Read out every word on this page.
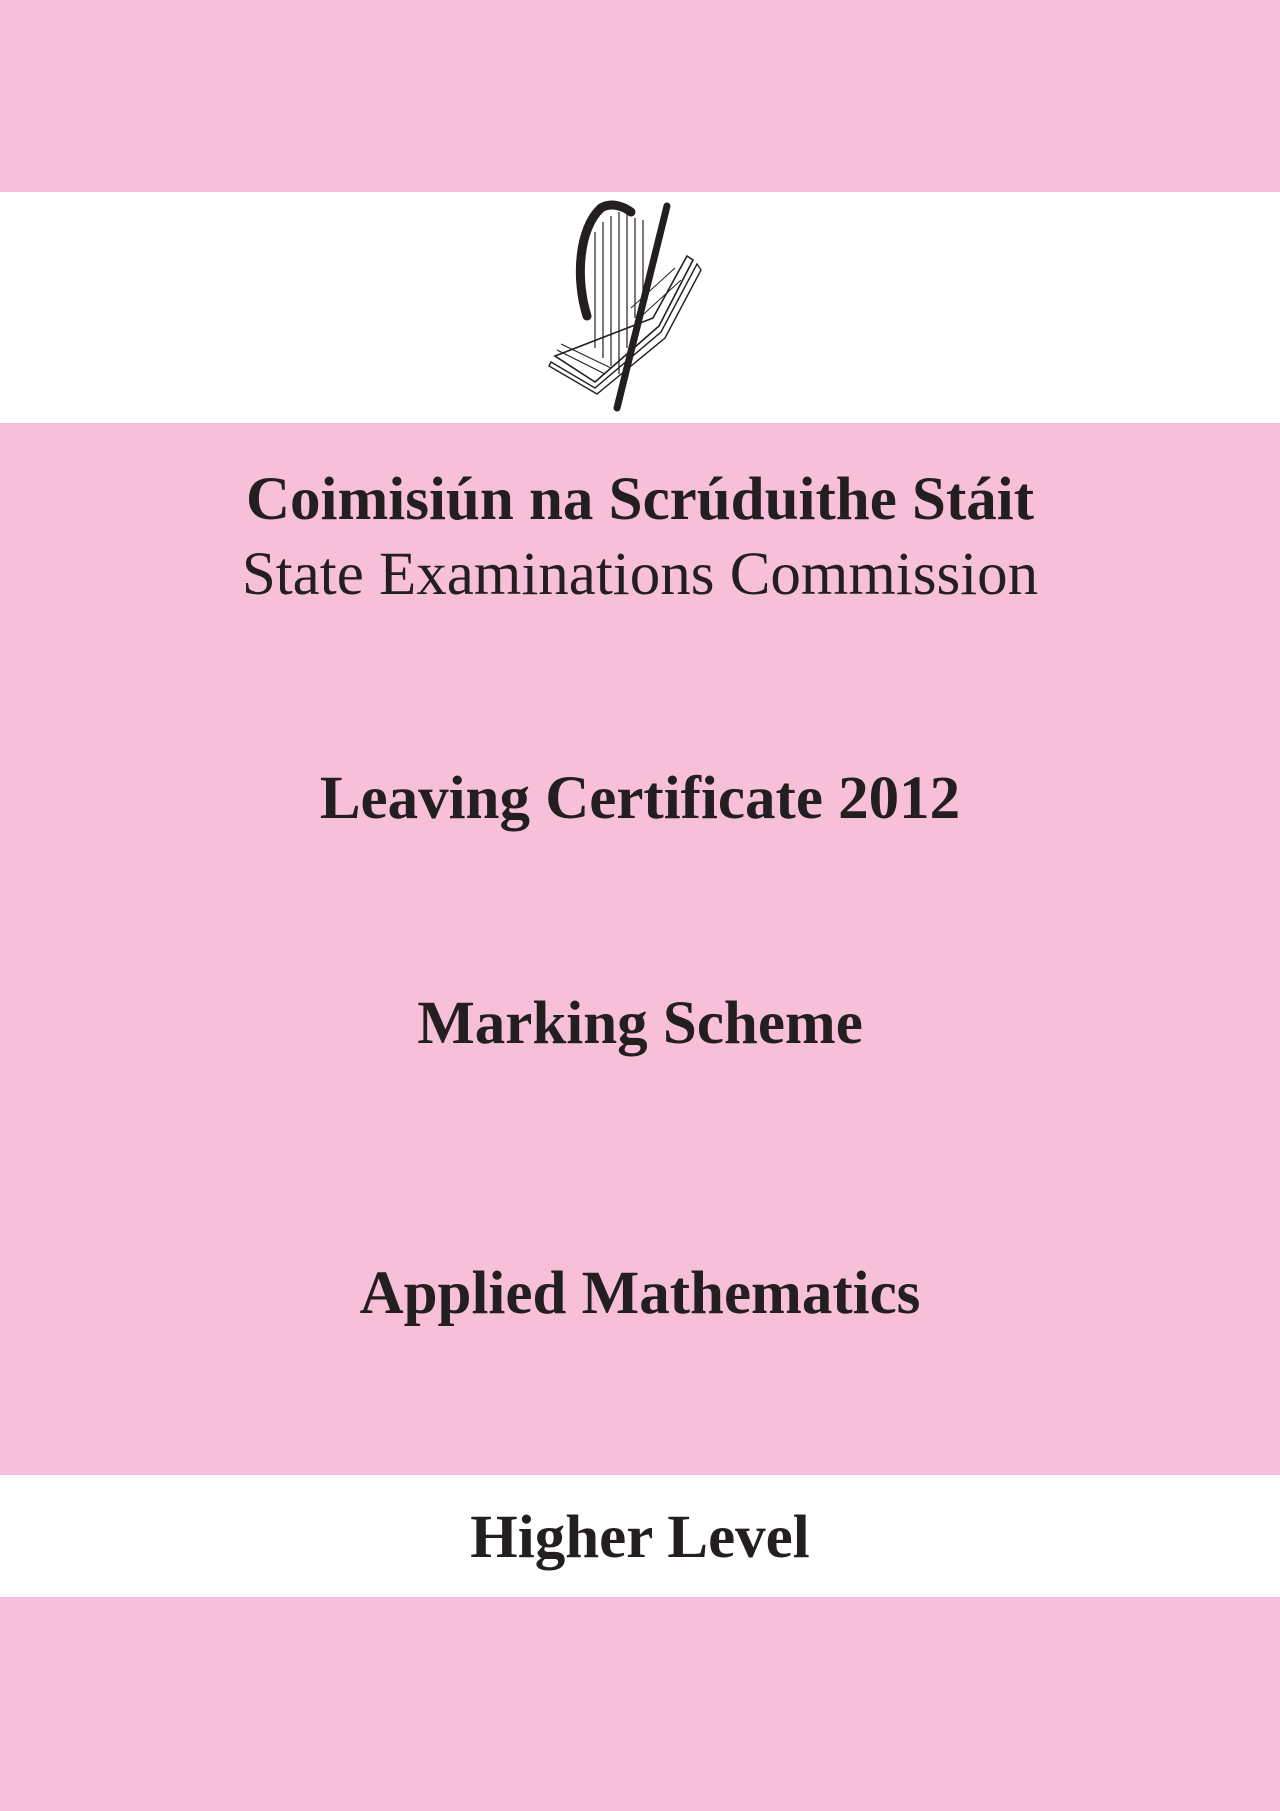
Coimisiún na Scrúduithe Stáit

State Examinations Commission

Leaving Certificate 2012

Marking Scheme

Applied Mathematics

Higher Level
